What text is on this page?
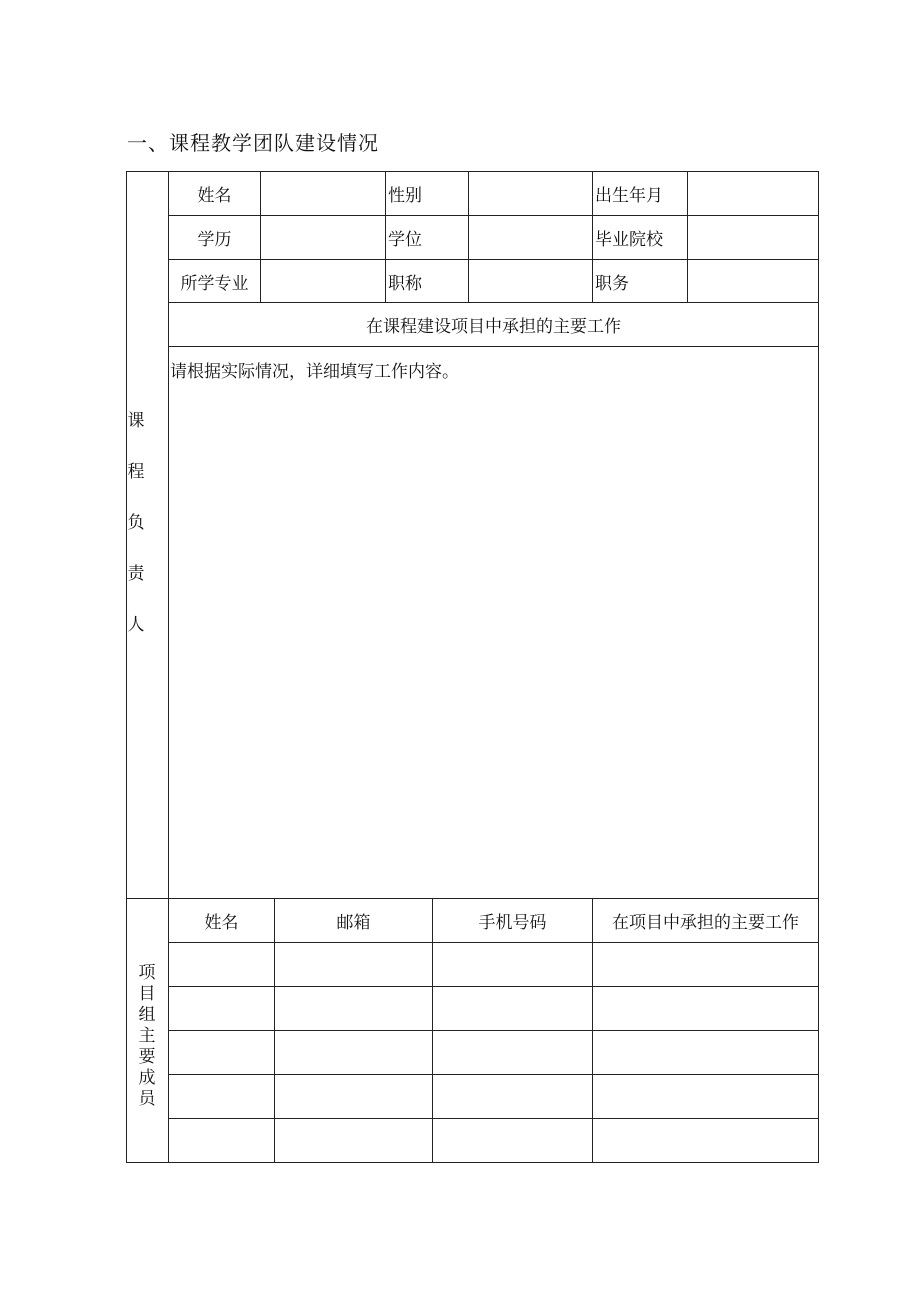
一、课程教学团队建设情况
课
程
负
责
人
姓名	性别	出生年月
学历	学位	毕业院校
所学专业	职称	职务
在课程建设项目中承担的主要工作
请根据实际情况，详细填写工作内容。
项
目
组
主
要
成
员
姓名	邮箱	手机号码	在项目中承担的主要工作
